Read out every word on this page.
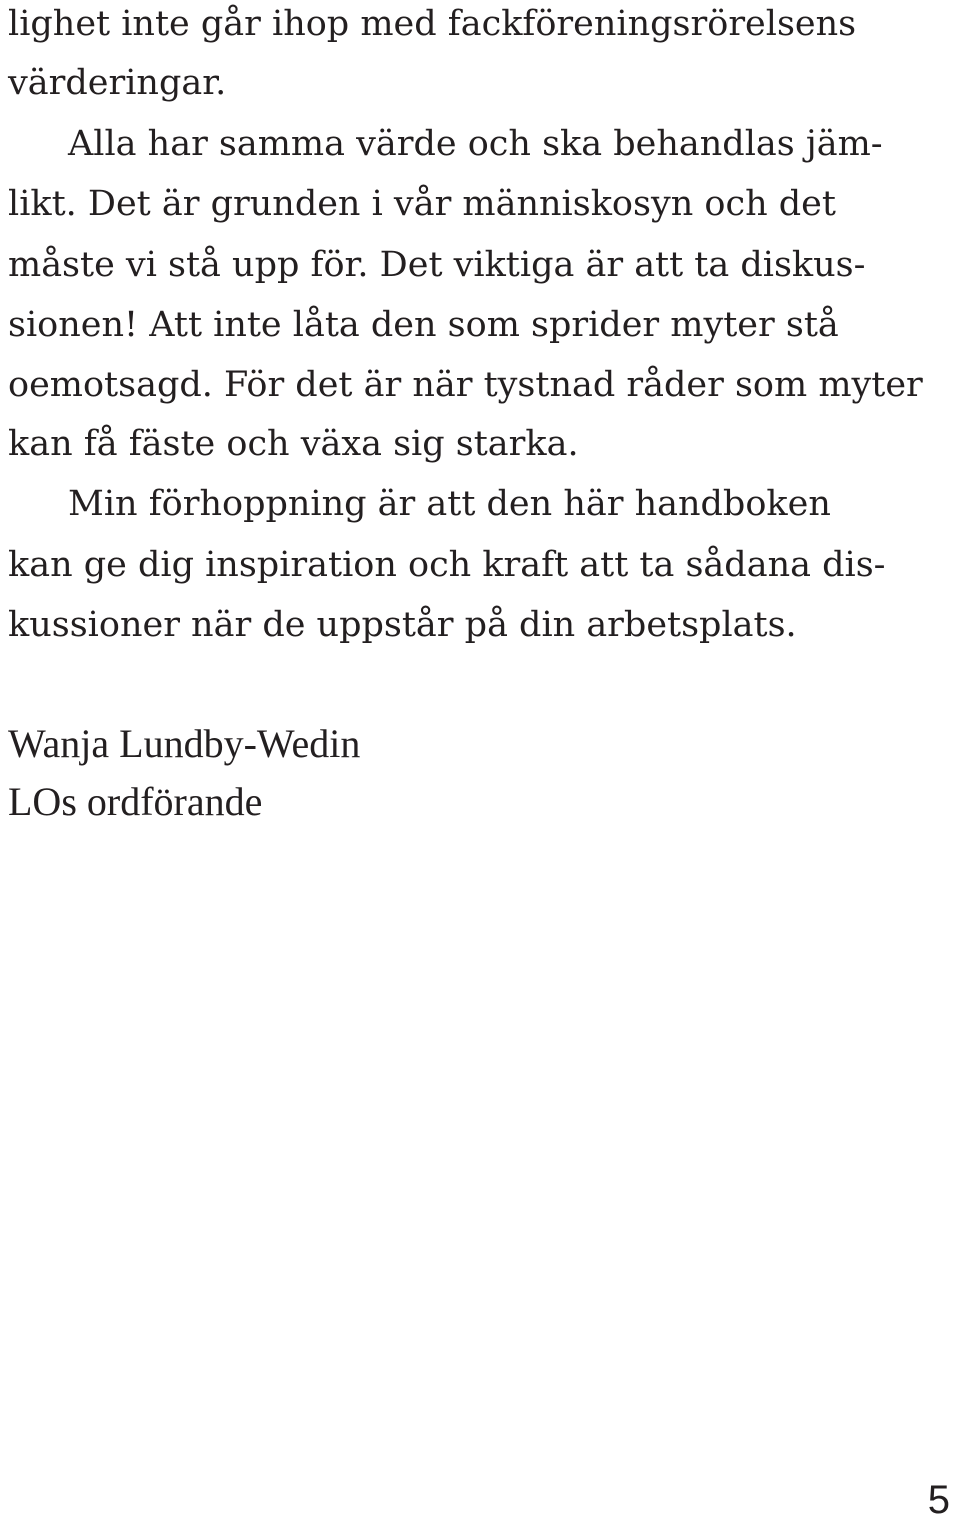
lighet inte går ihop med fackföreningsrörelsens
värderingar.
Alla har samma värde och ska behandlas jäm-
likt. Det är grunden i vår människosyn och det
måste vi stå upp för. Det viktiga är att ta diskus-
sionen! Att inte låta den som sprider myter stå
oemotsagd. För det är när tystnad råder som myter
kan få fäste och växa sig starka.
Min förhoppning är att den här handboken
kan ge dig inspiration och kraft att ta sådana dis-
kussioner när de uppstår på din arbetsplats.
Wanja Lundby-Wedin
LOs ordförande
5
